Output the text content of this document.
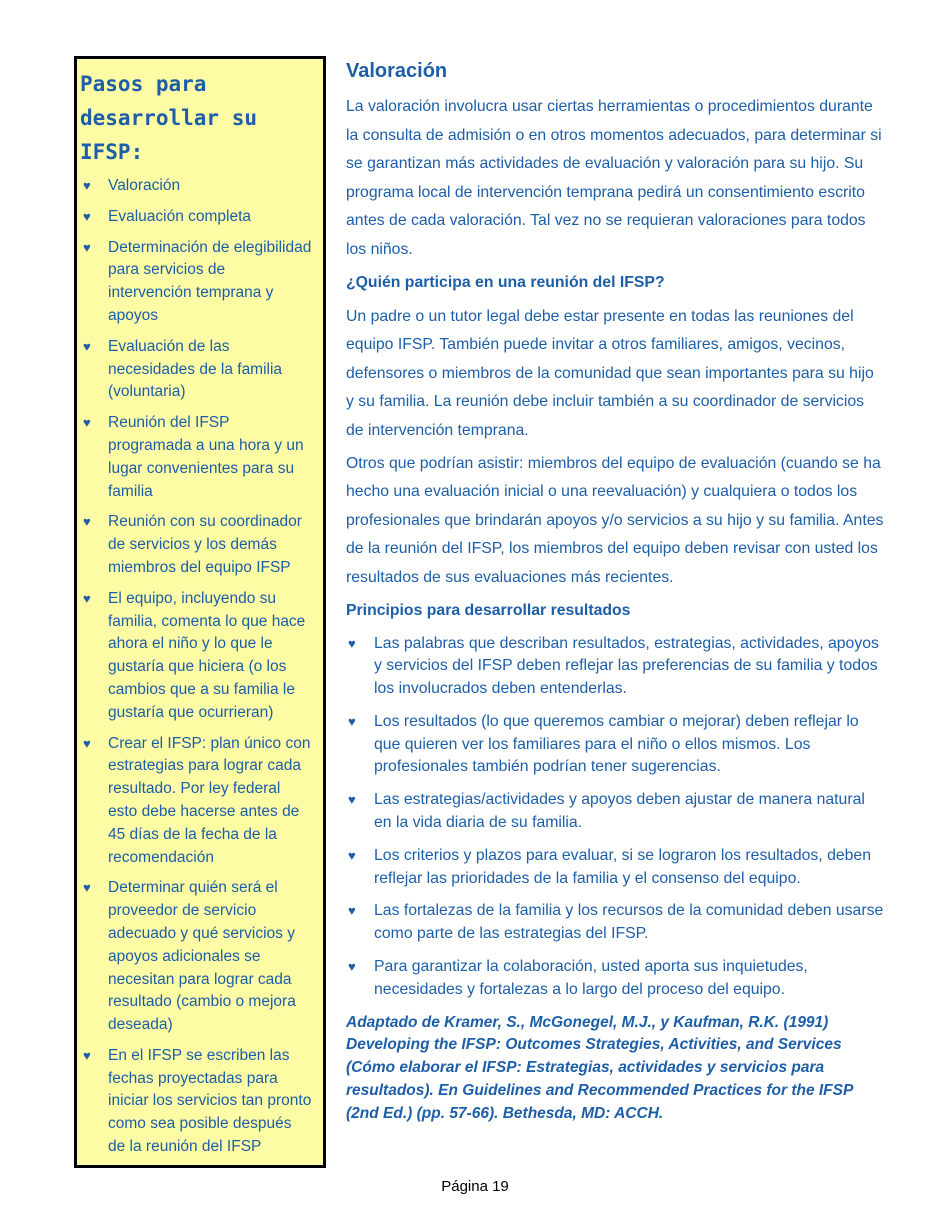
Pasos para
desarrollar su IFSP:
♥ Valoración
♥ Evaluación completa
♥ Determinación de elegibilidad para servicios de intervención temprana y apoyos
♥ Evaluación de las necesidades de la familia (voluntaria)
♥ Reunión del IFSP programada a una hora y un lugar convenientes para su familia
♥ Reunión con su coordinador de servicios y los demás miembros del equipo IFSP
♥ El equipo, incluyendo su familia, comenta lo que hace ahora el niño y lo que le gustaría que hiciera (o los cambios que a su familia le gustaría que ocurrieran)
♥ Crear el IFSP: plan único con estrategias para lograr cada resultado. Por ley federal esto debe hacerse antes de 45 días de la fecha de la recomendación
♥ Determinar quién será el proveedor de servicio adecuado y qué servicios y apoyos adicionales se necesitan para lograr cada resultado (cambio o mejora deseada)
♥ En el IFSP se escriben las fechas proyectadas para iniciar los servicios tan pronto como sea posible después de la reunión del IFSP
Valoración

La valoración involucra usar ciertas herramientas o procedimientos durante la consulta de admisión o en otros momentos adecuados, para determinar si se garantizan más actividades de evaluación y valoración para su hijo. Su programa local de intervención temprana pedirá un consentimiento escrito antes de cada valoración. Tal vez no se requieran valoraciones para todos los niños.

¿Quién participa en una reunión del IFSP?

Un padre o un tutor legal debe estar presente en todas las reuniones del equipo IFSP. También puede invitar a otros familiares, amigos, vecinos, defensores o miembros de la comunidad que sean importantes para su hijo y su familia. La reunión debe incluir también a su coordinador de servicios de intervención temprana.

Otros que podrían asistir: miembros del equipo de evaluación (cuando se ha hecho una evaluación inicial o una reevaluación) y cualquiera o todos los profesionales que brindarán apoyos y/o servicios a su hijo y su familia. Antes de la reunión del IFSP, los miembros del equipo deben revisar con usted los resultados de sus evaluaciones más recientes.

Principios para desarrollar resultados
♥ Las palabras que describan resultados, estrategias, actividades, apoyos y servicios del IFSP deben reflejar las preferencias de su familia y todos los involucrados deben entenderlas.
♥ Los resultados (lo que queremos cambiar o mejorar) deben reflejar lo que quieren ver los familiares para el niño o ellos mismos. Los profesionales también podrían tener sugerencias.
♥ Las estrategias/actividades y apoyos deben ajustar de manera natural en la vida diaria de su familia.
♥ Los criterios y plazos para evaluar, si se lograron los resultados, deben reflejar las prioridades de la familia y el consenso del equipo.
♥ Las fortalezas de la familia y los recursos de la comunidad deben usarse como parte de las estrategias del IFSP.
♥ Para garantizar la colaboración, usted aporta sus inquietudes, necesidades y fortalezas a lo largo del proceso del equipo.
Adaptado de Kramer, S., McGonegel, M.J., y Kaufman, R.K. (1991) Developing the IFSP: Outcomes Strategies, Activities, and Services (Cómo elaborar el IFSP: Estrategias, actividades y servicios para resultados). En Guidelines and Recommended Practices for the IFSP (2nd Ed.) (pp. 57-66). Bethesda, MD: ACCH.
Página 19
